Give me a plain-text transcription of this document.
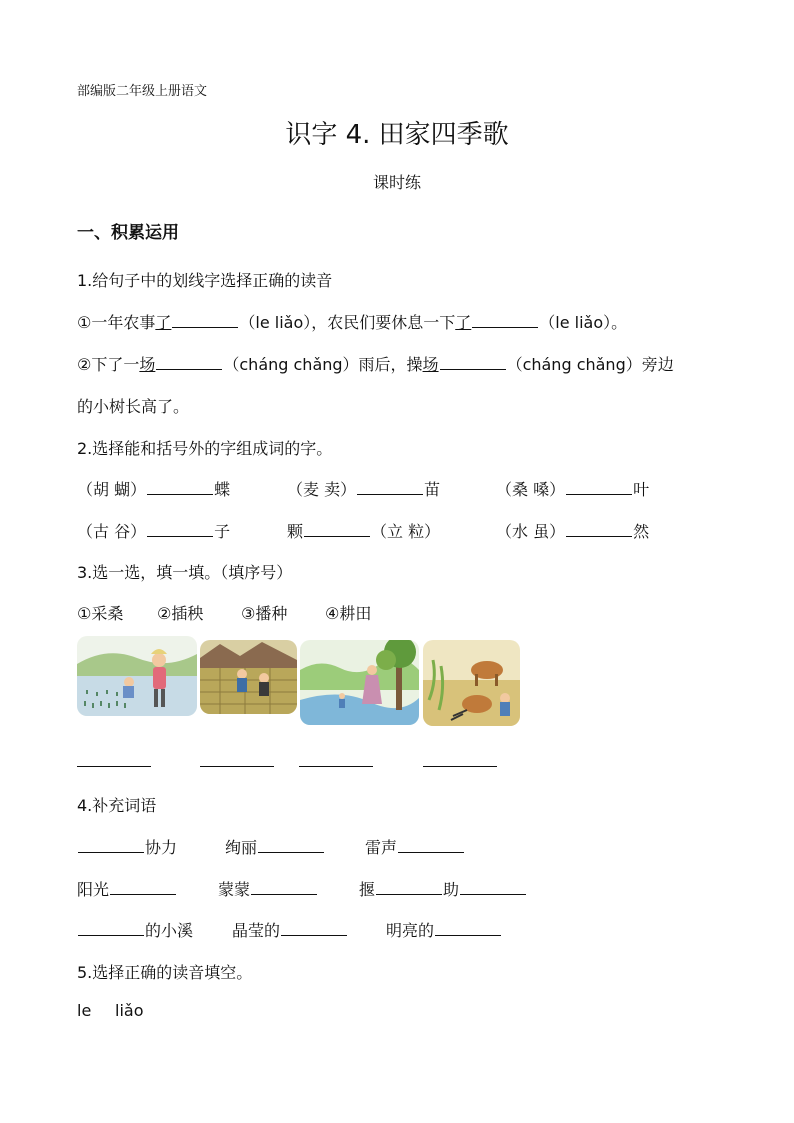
部编版二年级上册语文
识字 4. 田家四季歌
课时练
一、积累运用
1.给句子中的划线字选择正确的读音
①一年农事了	（le liǎo），农民们要休息一下了	（le liǎo）。
②下了一场	（cháng chǎng）雨后，操场	（cháng chǎng）旁边
的小树长高了。
2.选择能和括号外的字组成词的字。
（胡 蝴）	蝶	（麦 卖）	苗	（桑 嗓）	叶
（古 谷）	子	颗	（立 粒）	（水 虽）	然
3.选一选，填一填。（填序号）
①采桑 ②插秧 ③播种 ④耕田
4.补充词语
协力	绚丽	雷声
阳光	蒙蒙	揠	助
的小溪 晶莹的	明亮的
5.选择正确的读音填空。
le liǎo
